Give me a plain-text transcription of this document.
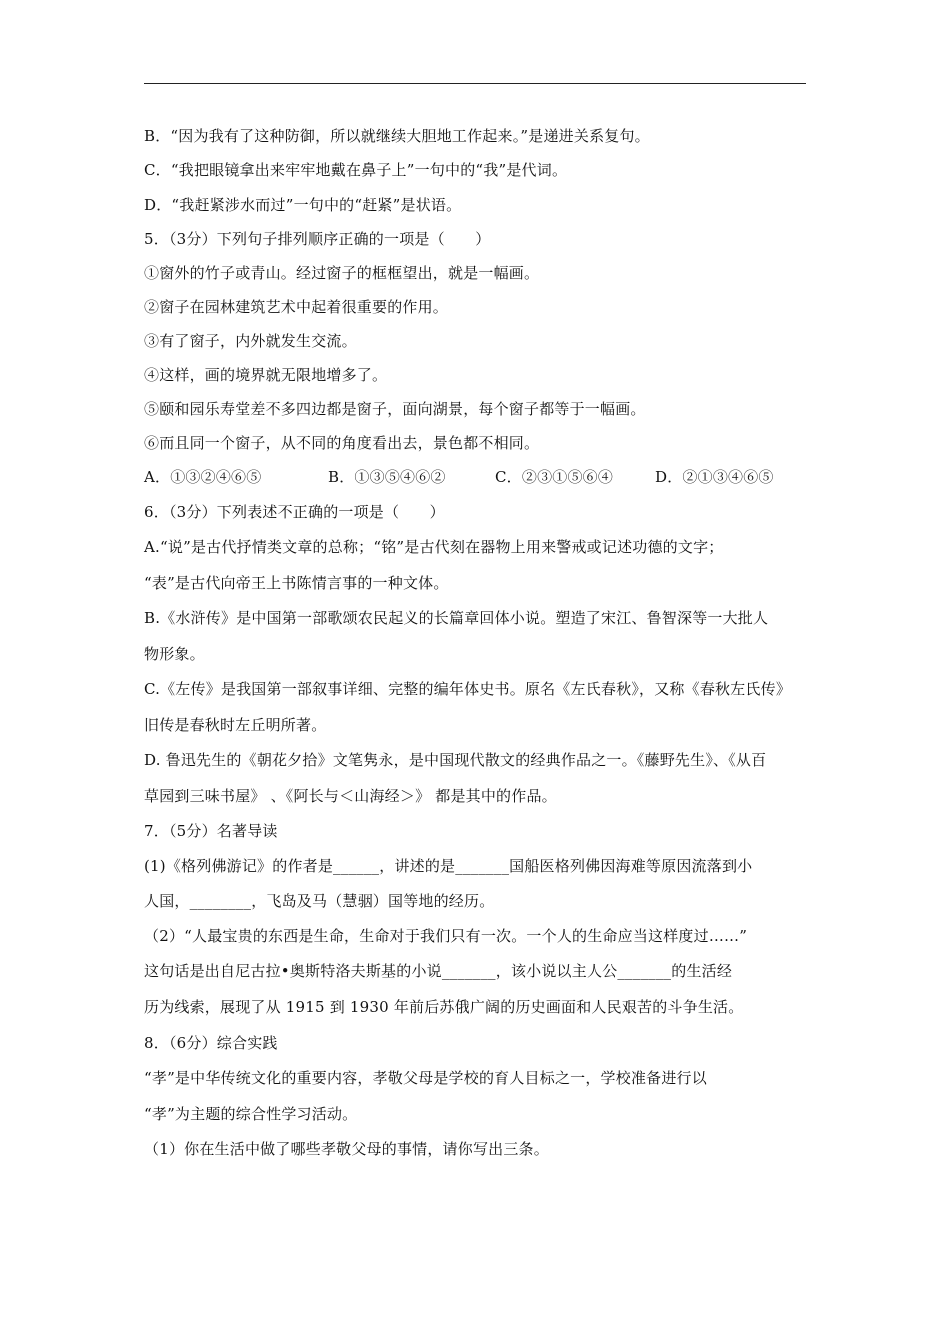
B．“因为我有了这种防御，所以就继续大胆地工作起来。”是递进关系复句。
C．“我把眼镜拿出来牢牢地戴在鼻子上”一句中的“我”是代词。
D．“我赶紧涉水而过”一句中的“赶紧”是状语。
5．（3分）下列句子排列顺序正确的一项是（　　）
①窗外的竹子或青山。经过窗子的框框望出，就是一幅画。
②窗子在园林建筑艺术中起着很重要的作用。
③有了窗子，内外就发生交流。
④这样，画的境界就无限地增多了。
⑤颐和园乐寿堂差不多四边都是窗子，面向湖景，每个窗子都等于一幅画。
⑥而且同一个窗子，从不同的角度看出去，景色都不相同。
A．①③②④⑥⑤	B．①③⑤④⑥②	C．②③①⑤⑥④	D．②①③④⑥⑤
6．（3分）下列表述不正确的一项是（　　）
A.“说”是古代抒情类文章的总称；“铭”是古代刻在器物上用来警戒或记述功德的文字；
“表”是古代向帝王上书陈情言事的一种文体。
B.《水浒传》是中国第一部歌颂农民起义的长篇章回体小说。塑造了宋江、鲁智深等一大批人
物形象。
C.《左传》是我国第一部叙事详细、完整的编年体史书。原名《左氏春秋》，又称《春秋左氏传》
旧传是春秋时左丘明所著。
D. 鲁迅先生的《朝花夕拾》文笔隽永，是中国现代散文的经典作品之一。《藤野先生》、《从百
草园到三味书屋》 、《阿长与＜山海经＞》 都是其中的作品。
7．（5分）名著导读
(1)《格列佛游记》的作者是______，讲述的是_______国船医格列佛因海难等原因流落到小
人国，________，飞岛及马（慧骃）国等地的经历。
（2）“人最宝贵的东西是生命，生命对于我们只有一次。一个人的生命应当这样度过……”
这句话是出自尼古拉•奥斯特洛夫斯基的小说_______，该小说以主人公_______的生活经
历为线索，展现了从 1915 到 1930 年前后苏俄广阔的历史画面和人民艰苦的斗争生活。
8．（6分）综合实践
“孝”是中华传统文化的重要内容，孝敬父母是学校的育人目标之一，学校准备进行以
“孝”为主题的综合性学习活动。
（1）你在生活中做了哪些孝敬父母的事情，请你写出三条。
